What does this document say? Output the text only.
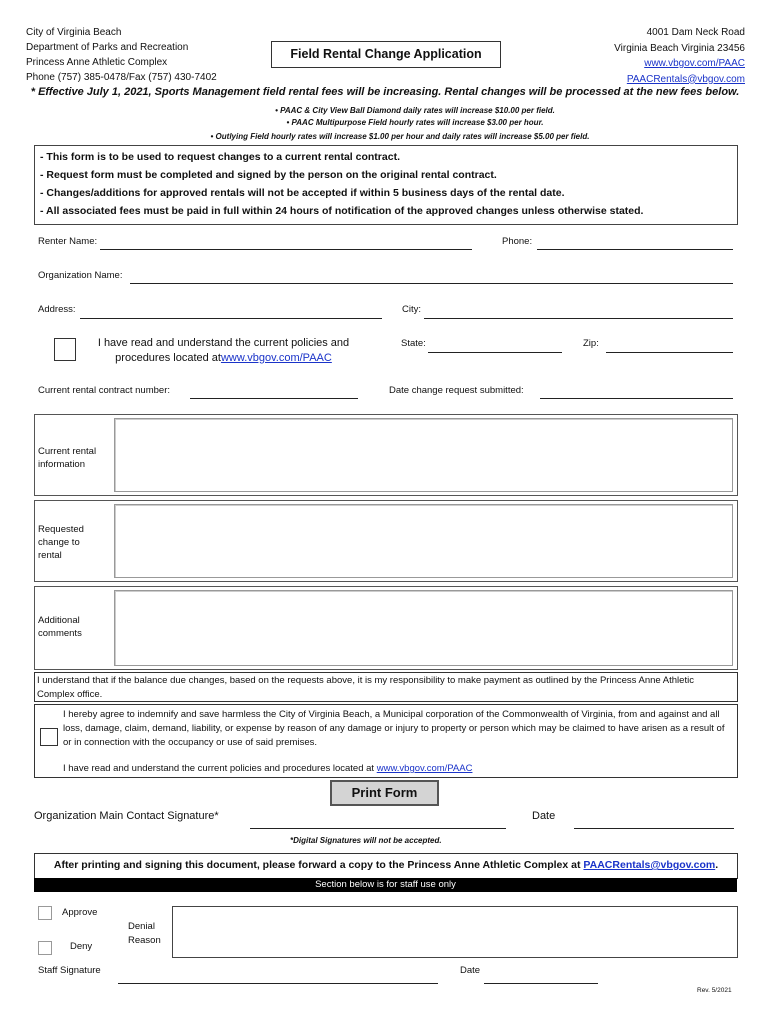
City of Virginia Beach
Department of Parks and Recreation
Princess Anne Athletic Complex
Phone (757) 385-0478/Fax (757) 430-7402
Field Rental Change Application
4001 Dam Neck Road
Virginia Beach Virginia 23456
www.vbgov.com/PAAC
PAACRentals@vbgov.com
* Effective July 1, 2021, Sports Management field rental fees will be increasing. Rental changes will be processed at the new fees below.
• PAAC & City View Ball Diamond daily rates will increase $10.00 per field.
• PAAC Multipurpose Field hourly rates will increase $3.00 per hour.
• Outlying Field hourly rates will increase $1.00 per hour and daily rates will increase $5.00 per field.
- This form is to be used to request changes to a current rental contract.
- Request form must be completed and signed by the person on the original rental contract.
- Changes/additions for approved rentals will not be accepted if within 5 business days of the rental date.
- All associated fees must be paid in full within 24 hours of notification of the approved changes unless otherwise stated.
Renter Name:	Phone:
Organization Name:
Address:	City:
I have read and understand the current policies and
procedures located atwww.vbgov.com/PAAC
State:	Zip:
Current rental contract number:	Date change request submitted:
Current rental information
Requested change to rental
Additional comments
I understand that if the balance due changes, based on the requests above, it is my responsibility to make payment as outlined by the Princess Anne Athletic Complex office.
I hereby agree to indemnify and save harmless the City of Virginia Beach, a Municipal corporation of the Commonwealth of Virginia, from and against and all loss, damage, claim, demand, liability, or expense by reason of any damage or injury to property or person which may be claimed to have arisen as a result of or in connection with the occupancy or use of said premises.
I have read and understand the current policies and procedures located at www.vbgov.com/PAAC
Print Form
Organization Main Contact Signature*	Date
*Digital Signatures will not be accepted.
After printing and signing this document, please forward a copy to the Princess Anne Athletic Complex at PAACRentals@vbgov.com.
Section below is for staff use only
Approve
Deny
Denial
Reason
Staff Signature	Date
Rev. 5/2021
